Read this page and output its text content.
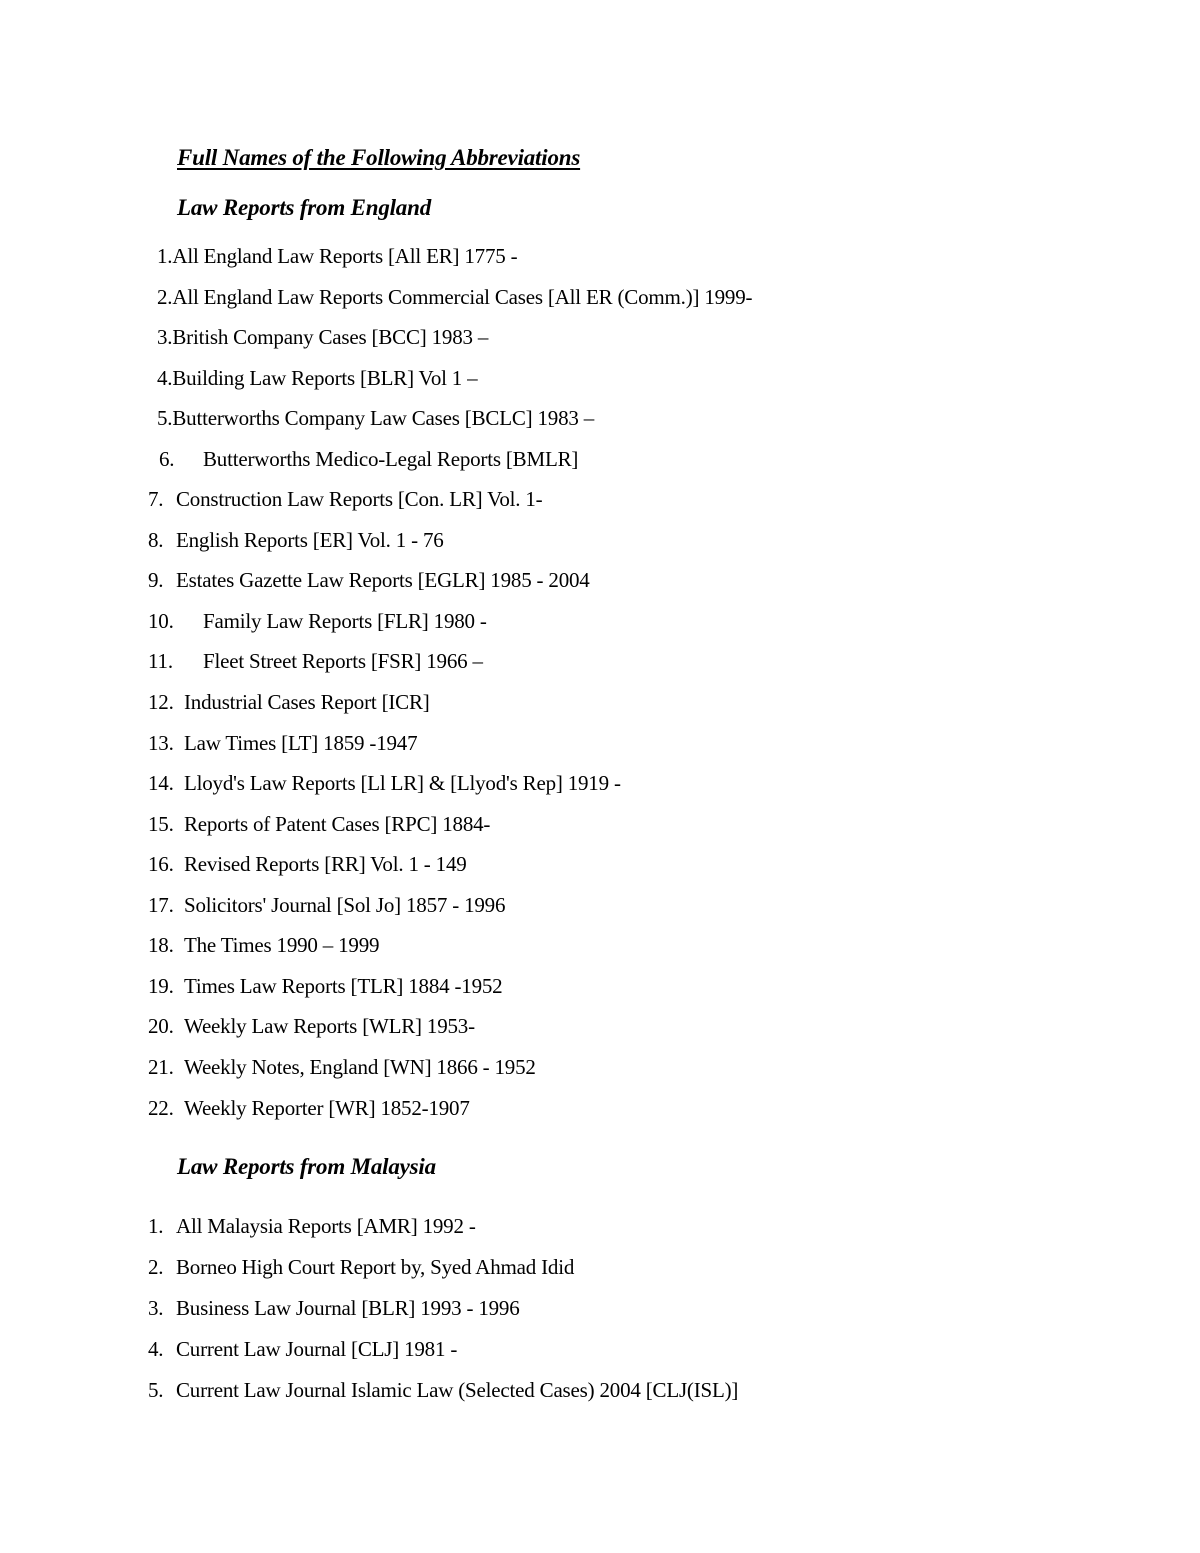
Full Names of the Following Abbreviations
Law Reports from England
1.All England Law Reports [All ER] 1775 -
2.All England Law Reports Commercial Cases [All ER (Comm.)] 1999-
3.British Company Cases [BCC] 1983 –
4.Building Law Reports [BLR] Vol 1 –
5.Butterworths Company Law Cases [BCLC] 1983 –
6. Butterworths Medico-Legal Reports [BMLR]
7. Construction Law Reports [Con. LR] Vol. 1-
8. English Reports [ER] Vol. 1 - 76
9. Estates Gazette Law Reports [EGLR] 1985 - 2004
10. Family Law Reports [FLR] 1980 -
11. Fleet Street Reports [FSR] 1966 –
12. Industrial Cases Report [ICR]
13. Law Times [LT] 1859 -1947
14. Lloyd's Law Reports [Ll LR] & [Llyod's Rep] 1919 -
15. Reports of Patent Cases [RPC] 1884-
16. Revised Reports [RR] Vol. 1 - 149
17. Solicitors' Journal [Sol Jo] 1857 - 1996
18. The Times 1990 – 1999
19. Times Law Reports [TLR] 1884 -1952
20. Weekly Law Reports [WLR] 1953-
21. Weekly Notes, England [WN] 1866 - 1952
22. Weekly Reporter [WR] 1852-1907
Law Reports from Malaysia
1. All Malaysia Reports [AMR] 1992 -
2. Borneo High Court Report by, Syed Ahmad Idid
3. Business Law Journal [BLR] 1993 - 1996
4. Current Law Journal [CLJ] 1981 -
5. Current Law Journal Islamic Law (Selected Cases) 2004 [CLJ(ISL)]
